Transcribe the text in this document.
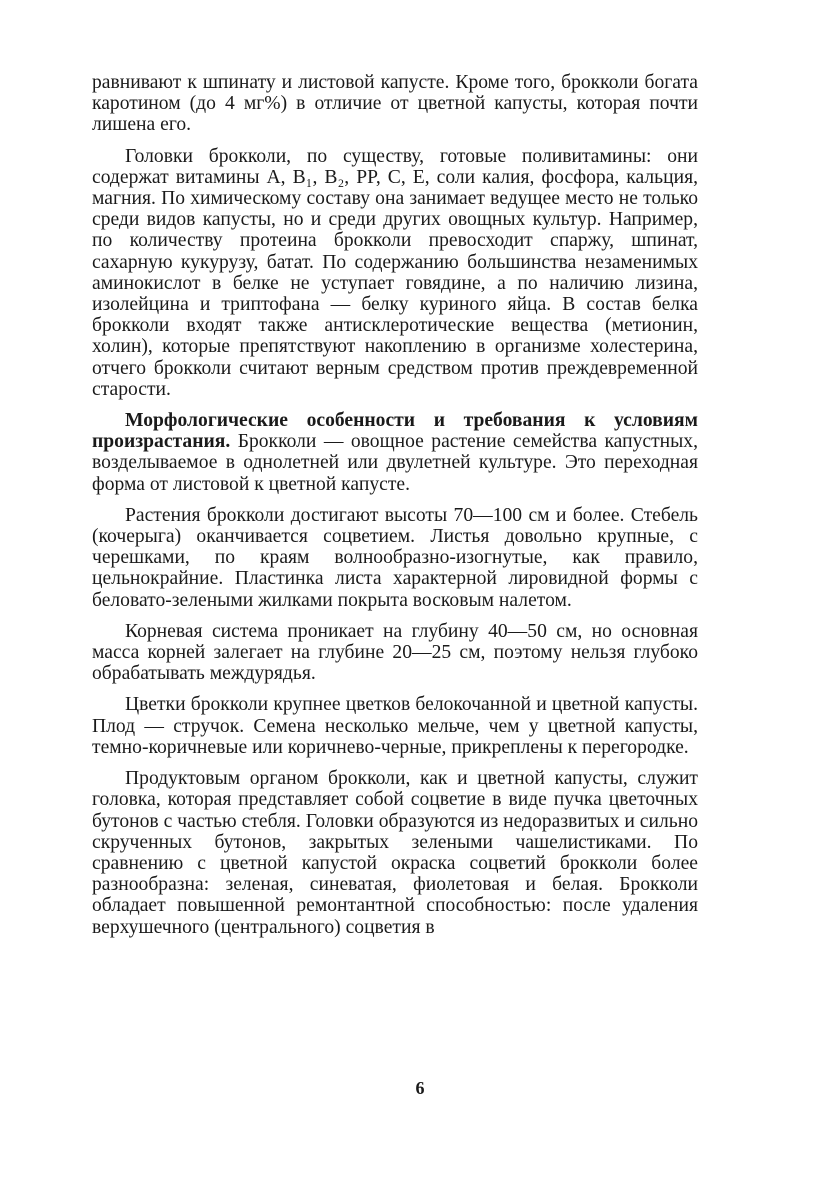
равнивают к шпинату и листовой капусте. Кроме того, брокколи богата каротином (до 4 мг%) в отличие от цветной капусты, которая почти лишена его.

Головки брокколи, по существу, готовые поливитамины: они содержат витамины A, B₁, B₂, PP, C, E, соли калия, фосфора, кальция, магния. По химическому составу она занимает ведущее место не только среди видов капусты, но и среди других овощных культур. Например, по количеству протеина брокколи превосходит спаржу, шпинат, сахарную кукурузу, батат. По содержанию большинства незаменимых аминокислот в белке не уступает говядине, а по наличию лизина, изолейцина и триптофана — белку куриного яйца. В состав белка брокколи входят также антисклеротические вещества (метионин, холин), которые препятствуют накоплению в организме холестерина, отчего брокколи считают верным средством против преждевременной старости.

Морфологические особенности и требования к условиям произрастания. Брокколи — овощное растение семейства капустных, возделываемое в однолетней или двулетней культуре. Это переходная форма от листовой к цветной капусте.

Растения брокколи достигают высоты 70—100 см и более. Стебель (кочерыга) оканчивается соцветием. Листья довольно крупные, с черешками, по краям волнообразно-изогнутые, как правило, цельнокрайние. Пластинка листа характерной лировидной формы с беловато-зелеными жилками покрыта восковым налетом.

Корневая система проникает на глубину 40—50 см, но основная масса корней залегает на глубине 20—25 см, поэтому нельзя глубоко обрабатывать междурядья.

Цветки брокколи крупнее цветков белокочанной и цветной капусты. Плод — стручок. Семена несколько мельче, чем у цветной капусты, темно-коричневые или коричнево-черные, прикреплены к перегородке.

Продуктовым органом брокколи, как и цветной капусты, служит головка, которая представляет собой соцветие в виде пучка цветочных бутонов с частью стебля. Головки образуются из недоразвитых и сильно скрученных бутонов, закрытых зелеными чашелистиками. По сравнению с цветной капустой окраска соцветий брокколи более разнообразна: зеленая, синеватая, фиолетовая и белая. Брокколи обладает повышенной ремонтантной способностью: после удаления верхушечного (центрального) соцветия в

6
